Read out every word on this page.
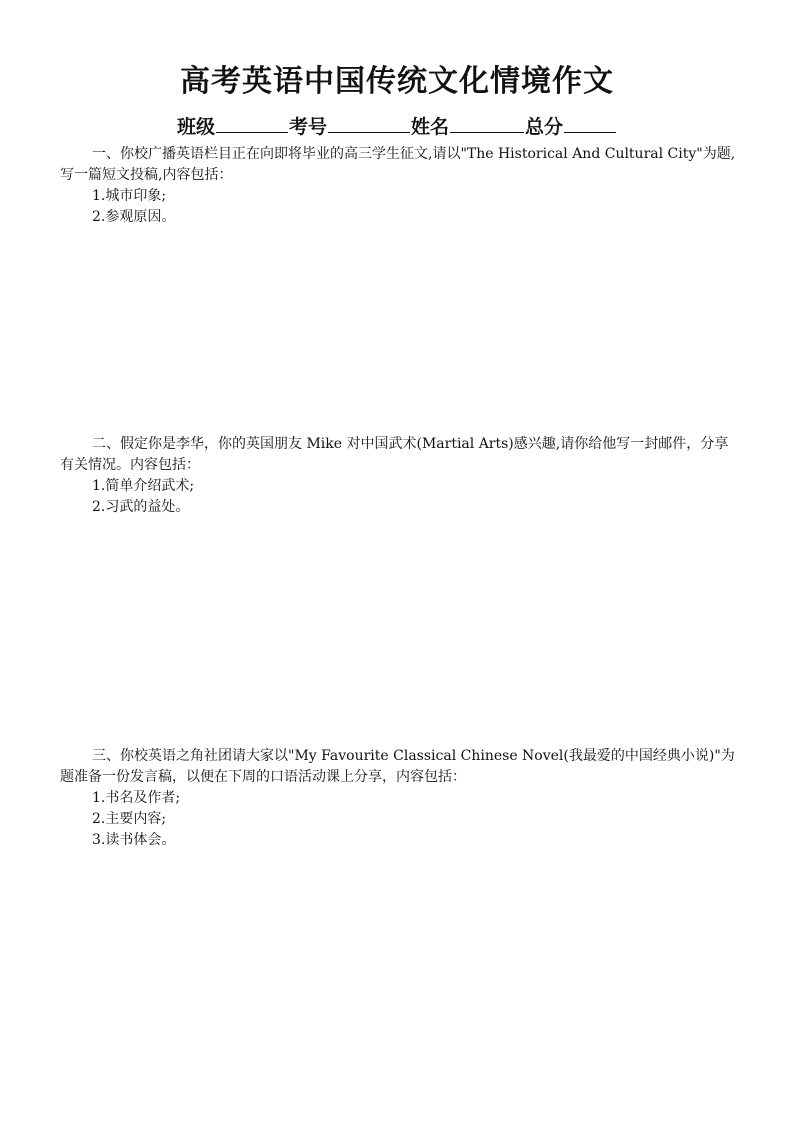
高考英语中国传统文化情境作文
班级	考号	姓名	总分

一、你校广播英语栏目正在向即将毕业的高三学生征文,请以"The Historical And Cultural City"为题,写一篇短文投稿,内容包括：

1.城市印象;

2.参观原因。

二、假定你是李华，你的英国朋友 Mike 对中国武术(Martial Arts)感兴趣,请你给他写一封邮件，分享有关情况。内容包括：

1.简单介绍武术;

2.习武的益处。

三、你校英语之角社团请大家以"My Favourite Classical Chinese Novel(我最爱的中国经典小说)"为题准备一份发言稿，以便在下周的口语活动课上分享，内容包括：

1.书名及作者;

2.主要内容;

3.读书体会。
